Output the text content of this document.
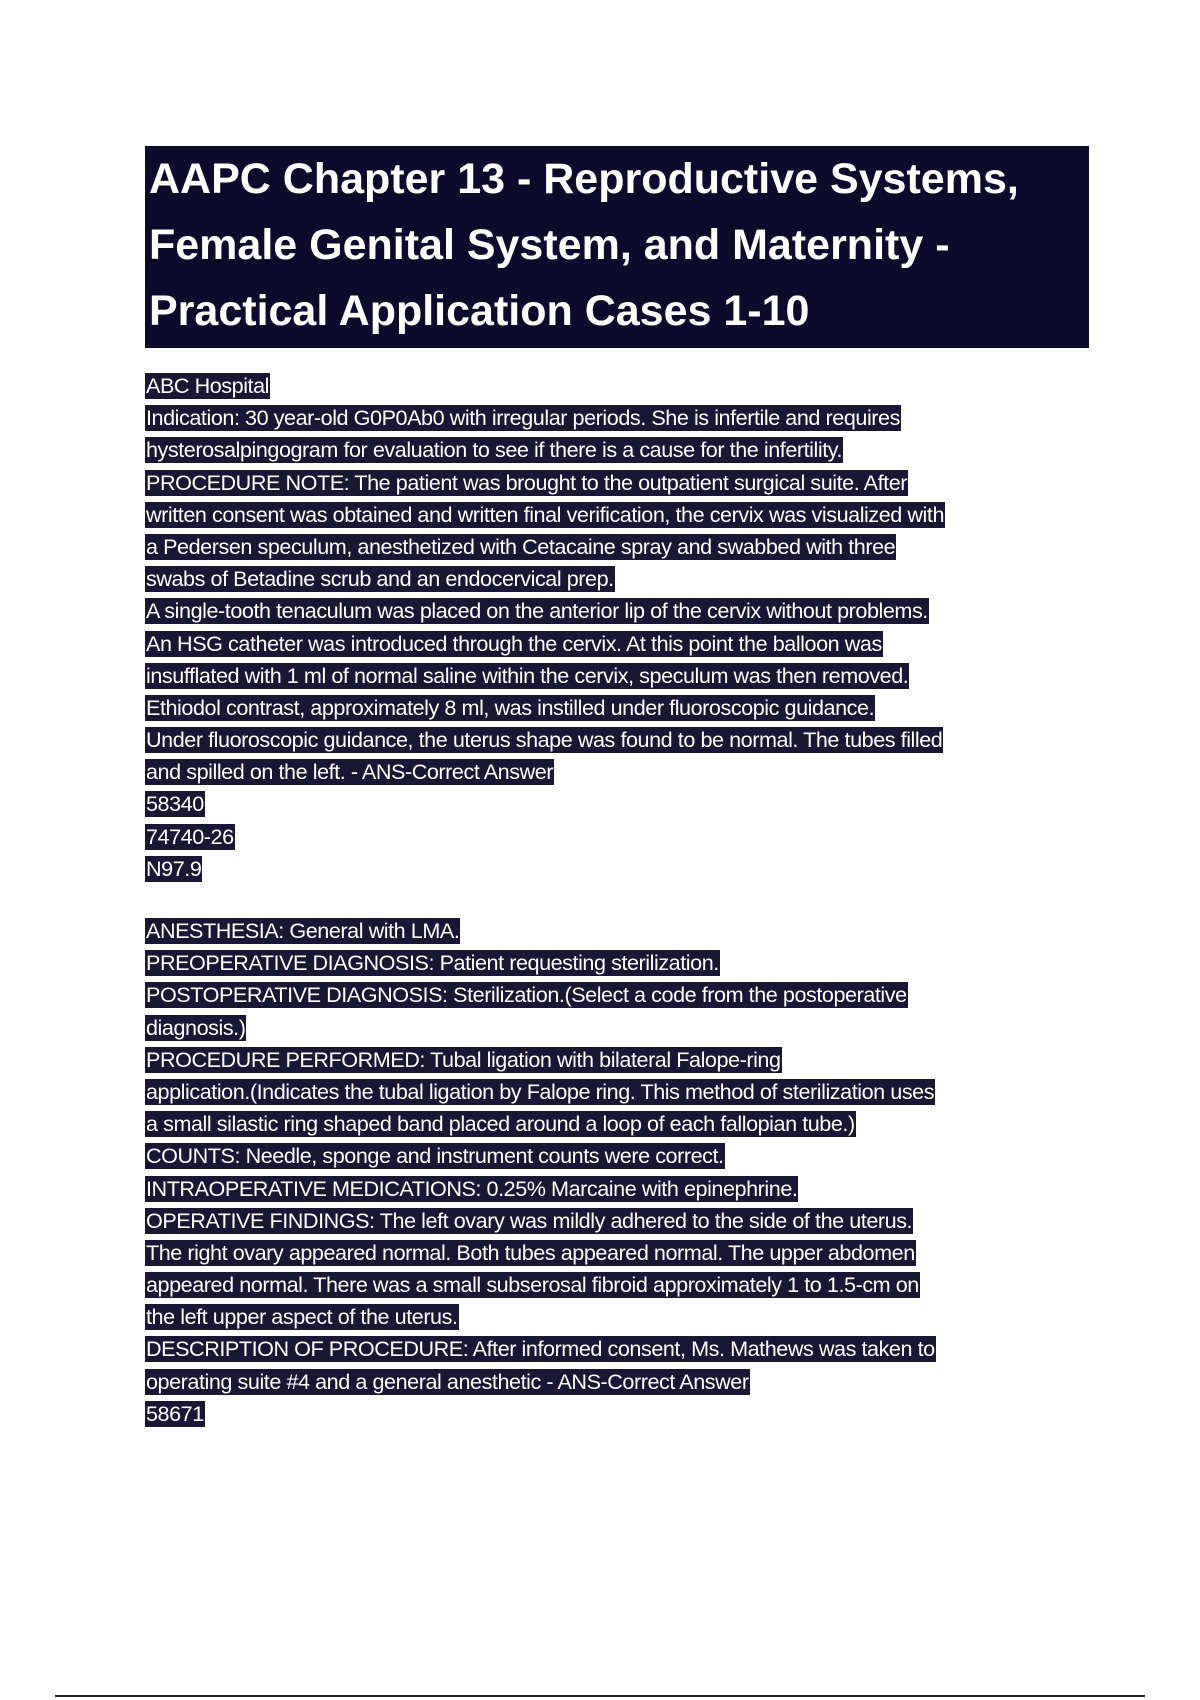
AAPC Chapter 13 - Reproductive Systems,
Female Genital System, and Maternity -
Practical Application Cases 1-10
ABC Hospital
Indication: 30 year-old G0P0Ab0 with irregular periods. She is infertile and requires
hysterosalpingogram for evaluation to see if there is a cause for the infertility.
PROCEDURE NOTE: The patient was brought to the outpatient surgical suite. After
written consent was obtained and written final verification, the cervix was visualized with
a Pedersen speculum, anesthetized with Cetacaine spray and swabbed with three
swabs of Betadine scrub and an endocervical prep.
A single-tooth tenaculum was placed on the anterior lip of the cervix without problems.
An HSG catheter was introduced through the cervix. At this point the balloon was
insufflated with 1 ml of normal saline within the cervix, speculum was then removed.
Ethiodol contrast, approximately 8 ml, was instilled under fluoroscopic guidance.
Under fluoroscopic guidance, the uterus shape was found to be normal. The tubes filled
and spilled on the left. - ANS-Correct Answer
58340
74740-26
N97.9
ANESTHESIA: General with LMA.
PREOPERATIVE DIAGNOSIS: Patient requesting sterilization.
POSTOPERATIVE DIAGNOSIS: Sterilization.(Select a code from the postoperative
diagnosis.)
PROCEDURE PERFORMED: Tubal ligation with bilateral Falope-ring
application.(Indicates the tubal ligation by Falope ring. This method of sterilization uses
a small silastic ring shaped band placed around a loop of each fallopian tube.)
COUNTS: Needle, sponge and instrument counts were correct.
INTRAOPERATIVE MEDICATIONS: 0.25% Marcaine with epinephrine.
OPERATIVE FINDINGS: The left ovary was mildly adhered to the side of the uterus.
The right ovary appeared normal. Both tubes appeared normal. The upper abdomen
appeared normal. There was a small subserosal fibroid approximately 1 to 1.5-cm on
the left upper aspect of the uterus.
DESCRIPTION OF PROCEDURE: After informed consent, Ms. Mathews was taken to
operating suite #4 and a general anesthetic - ANS-Correct Answer
58671
